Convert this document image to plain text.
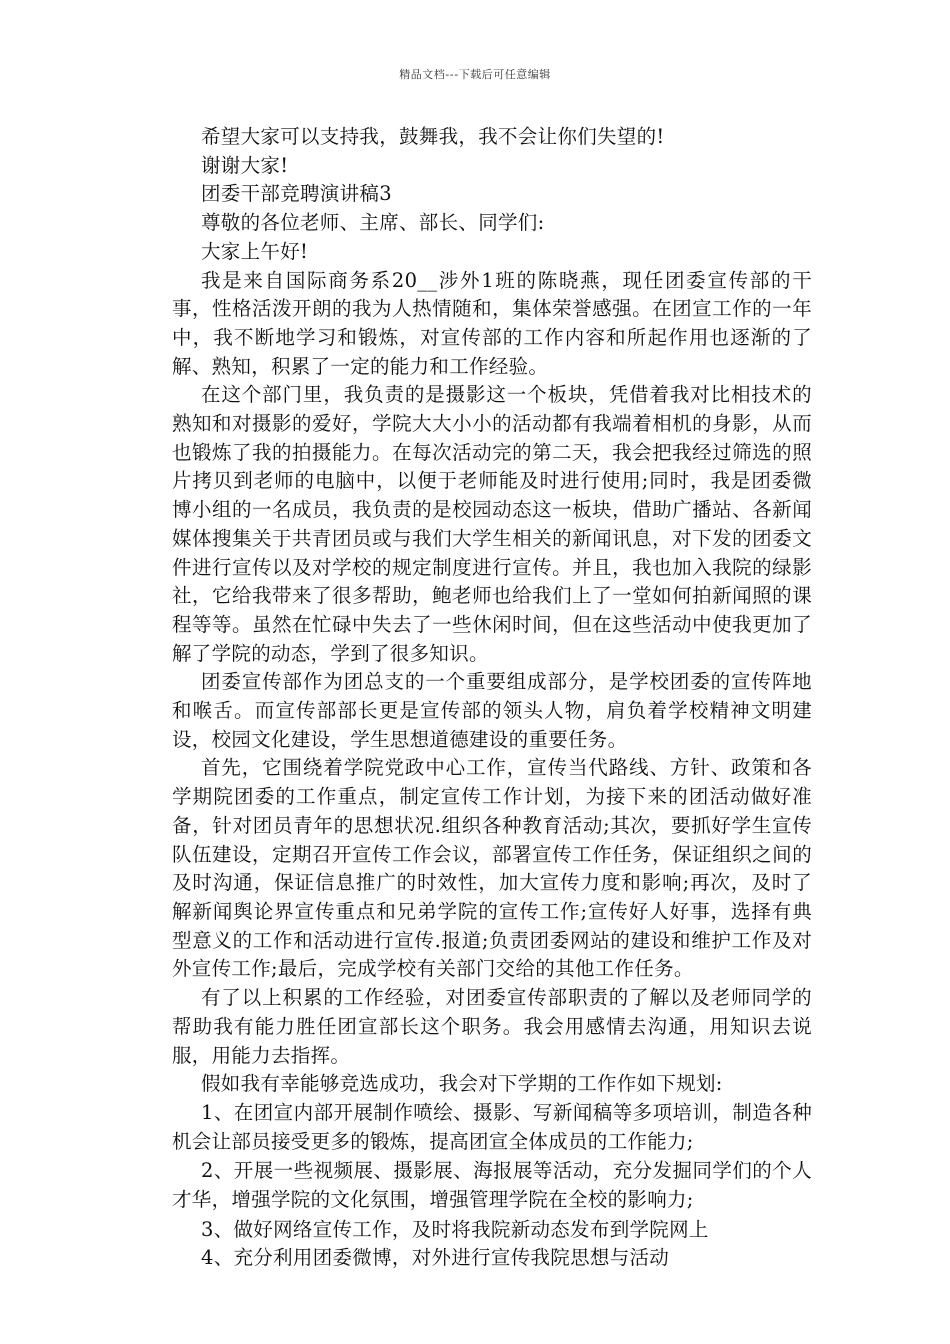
精品文档---下载后可任意编辑

希望大家可以支持我，鼓舞我，我不会让你们失望的!

谢谢大家!

团委干部竞聘演讲稿3

尊敬的各位老师、主席、部长、同学们:

大家上午好!

我是来自国际商务系20__涉外1班的陈晓燕，现任团委宣传部的干事，性格活泼开朗的我为人热情随和，集体荣誉感强。在团宣工作的一年中，我不断地学习和锻炼，对宣传部的工作内容和所起作用也逐渐的了解、熟知，积累了一定的能力和工作经验。

在这个部门里，我负责的是摄影这一个板块，凭借着我对比相技术的熟知和对摄影的爱好，学院大大小小的活动都有我端着相机的身影，从而也锻炼了我的拍摄能力。在每次活动完的第二天，我会把我经过筛选的照片拷贝到老师的电脑中，以便于老师能及时进行使用;同时，我是团委微博小组的一名成员，我负责的是校园动态这一板块，借助广播站、各新闻媒体搜集关于共青团员或与我们大学生相关的新闻讯息，对下发的团委文件进行宣传以及对学校的规定制度进行宣传。并且，我也加入我院的绿影社，它给我带来了很多帮助，鲍老师也给我们上了一堂如何拍新闻照的课程等等。虽然在忙碌中失去了一些休闲时间，但在这些活动中使我更加了解了学院的动态，学到了很多知识。

团委宣传部作为团总支的一个重要组成部分，是学校团委的宣传阵地和喉舌。而宣传部部长更是宣传部的领头人物，肩负着学校精神文明建设，校园文化建设，学生思想道德建设的重要任务。

首先，它围绕着学院党政中心工作，宣传当代路线、方针、政策和各学期院团委的工作重点，制定宣传工作计划，为接下来的团活动做好准备，针对团员青年的思想状况.组织各种教育活动;其次，要抓好学生宣传队伍建设，定期召开宣传工作会议，部署宣传工作任务，保证组织之间的及时沟通，保证信息推广的时效性，加大宣传力度和影响;再次，及时了解新闻舆论界宣传重点和兄弟学院的宣传工作;宣传好人好事，选择有典型意义的工作和活动进行宣传.报道;负责团委网站的建设和维护工作及对外宣传工作;最后，完成学校有关部门交给的其他工作任务。

有了以上积累的工作经验，对团委宣传部职责的了解以及老师同学的帮助我有能力胜任团宣部长这个职务。我会用感情去沟通，用知识去说服，用能力去指挥。

假如我有幸能够竞选成功，我会对下学期的工作作如下规划:

1、在团宣内部开展制作喷绘、摄影、写新闻稿等多项培训，制造各种机会让部员接受更多的锻炼，提高团宣全体成员的工作能力;

2、开展一些视频展、摄影展、海报展等活动，充分发掘同学们的个人才华，增强学院的文化氛围，增强管理学院在全校的影响力;

3、做好网络宣传工作，及时将我院新动态发布到学院网上

4、充分利用团委微博，对外进行宣传我院思想与活动
